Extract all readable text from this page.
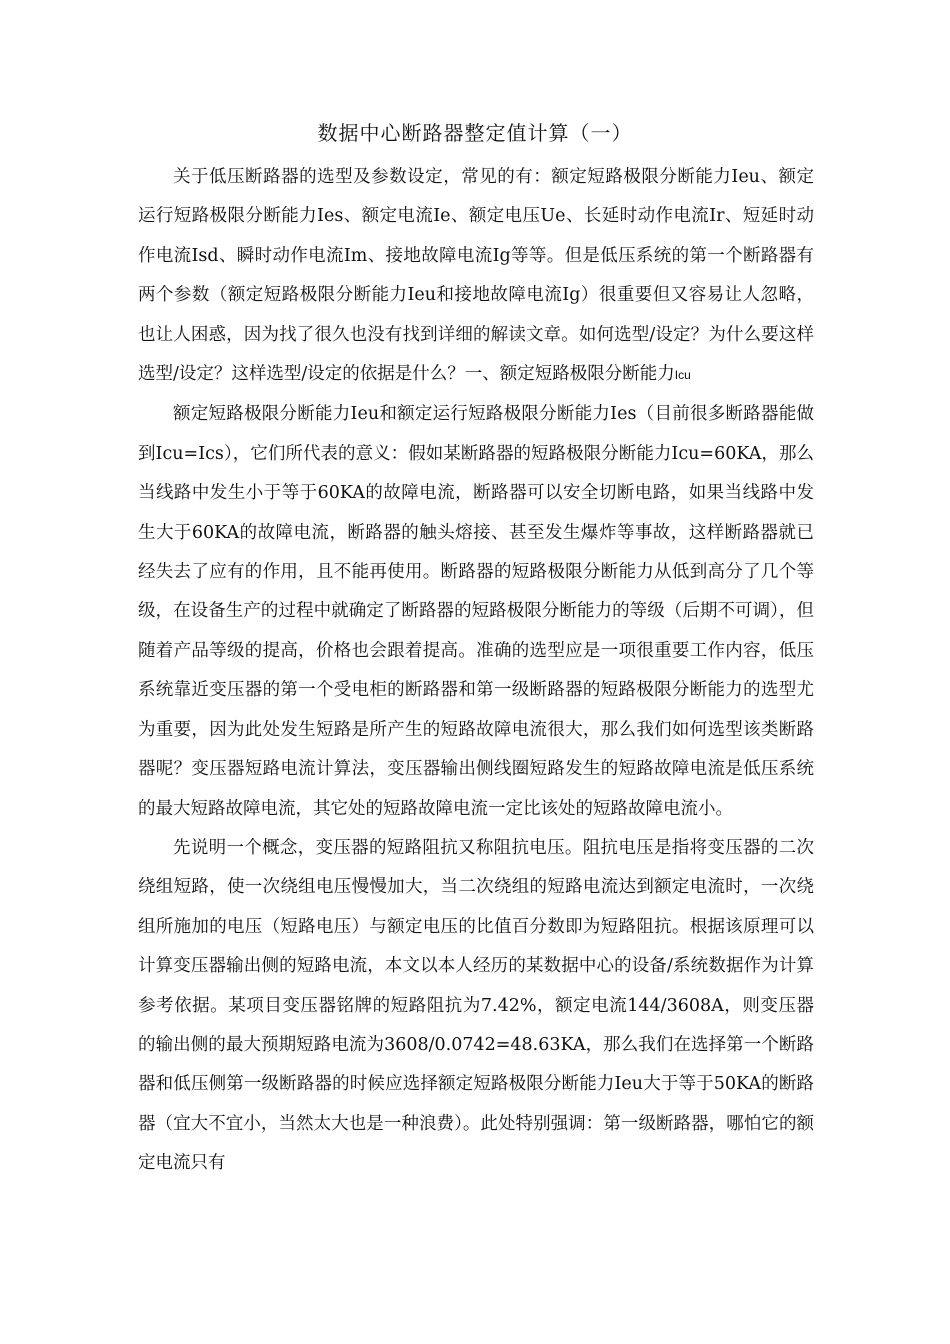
数据中心断路器整定值计算（一）

关于低压断路器的选型及参数设定，常见的有：额定短路极限分断能力Ieu、额定运行短路极限分断能力Ies、额定电流Ie、额定电压Ue、长延时动作电流Ir、短延时动作电流Isd、瞬时动作电流Im、接地故障电流Ig等等。但是低压系统的第一个断路器有两个参数（额定短路极限分断能力Ieu和接地故障电流Ig）很重要但又容易让人忽略，也让人困惑，因为找了很久也没有找到详细的解读文章。如何选型/设定？为什么要这样选型/设定？这样选型/设定的依据是什么？一、额定短路极限分断能力Icu

额定短路极限分断能力Ieu和额定运行短路极限分断能力Ies（目前很多断路器能做到Icu=Ics），它们所代表的意义：假如某断路器的短路极限分断能力Icu=60KA，那么当线路中发生小于等于60KA的故障电流，断路器可以安全切断电路，如果当线路中发生大于60KA的故障电流，断路器的触头熔接、甚至发生爆炸等事故，这样断路器就已经失去了应有的作用，且不能再使用。断路器的短路极限分断能力从低到高分了几个等级，在设备生产的过程中就确定了断路器的短路极限分断能力的等级（后期不可调），但随着产品等级的提高，价格也会跟着提高。准确的选型应是一项很重要工作内容，低压系统靠近变压器的第一个受电柜的断路器和第一级断路器的短路极限分断能力的选型尤为重要，因为此处发生短路是所产生的短路故障电流很大，那么我们如何选型该类断路器呢？变压器短路电流计算法，变压器输出侧线圈短路发生的短路故障电流是低压系统的最大短路故障电流，其它处的短路故障电流一定比该处的短路故障电流小。

先说明一个概念，变压器的短路阻抗又称阻抗电压。阻抗电压是指将变压器的二次绕组短路，使一次绕组电压慢慢加大，当二次绕组的短路电流达到额定电流时，一次绕组所施加的电压（短路电压）与额定电压的比值百分数即为短路阻抗。根据该原理可以计算变压器输出侧的短路电流，本文以本人经历的某数据中心的设备/系统数据作为计算参考依据。某项目变压器铭牌的短路阻抗为7.42%，额定电流144/3608A，则变压器的输出侧的最大预期短路电流为3608/0.0742=48.63KA，那么我们在选择第一个断路器和低压侧第一级断路器的时候应选择额定短路极限分断能力Ieu大于等于50KA的断路器（宜大不宜小，当然太大也是一种浪费）。此处特别强调：第一级断路器，哪怕它的额定电流只有
